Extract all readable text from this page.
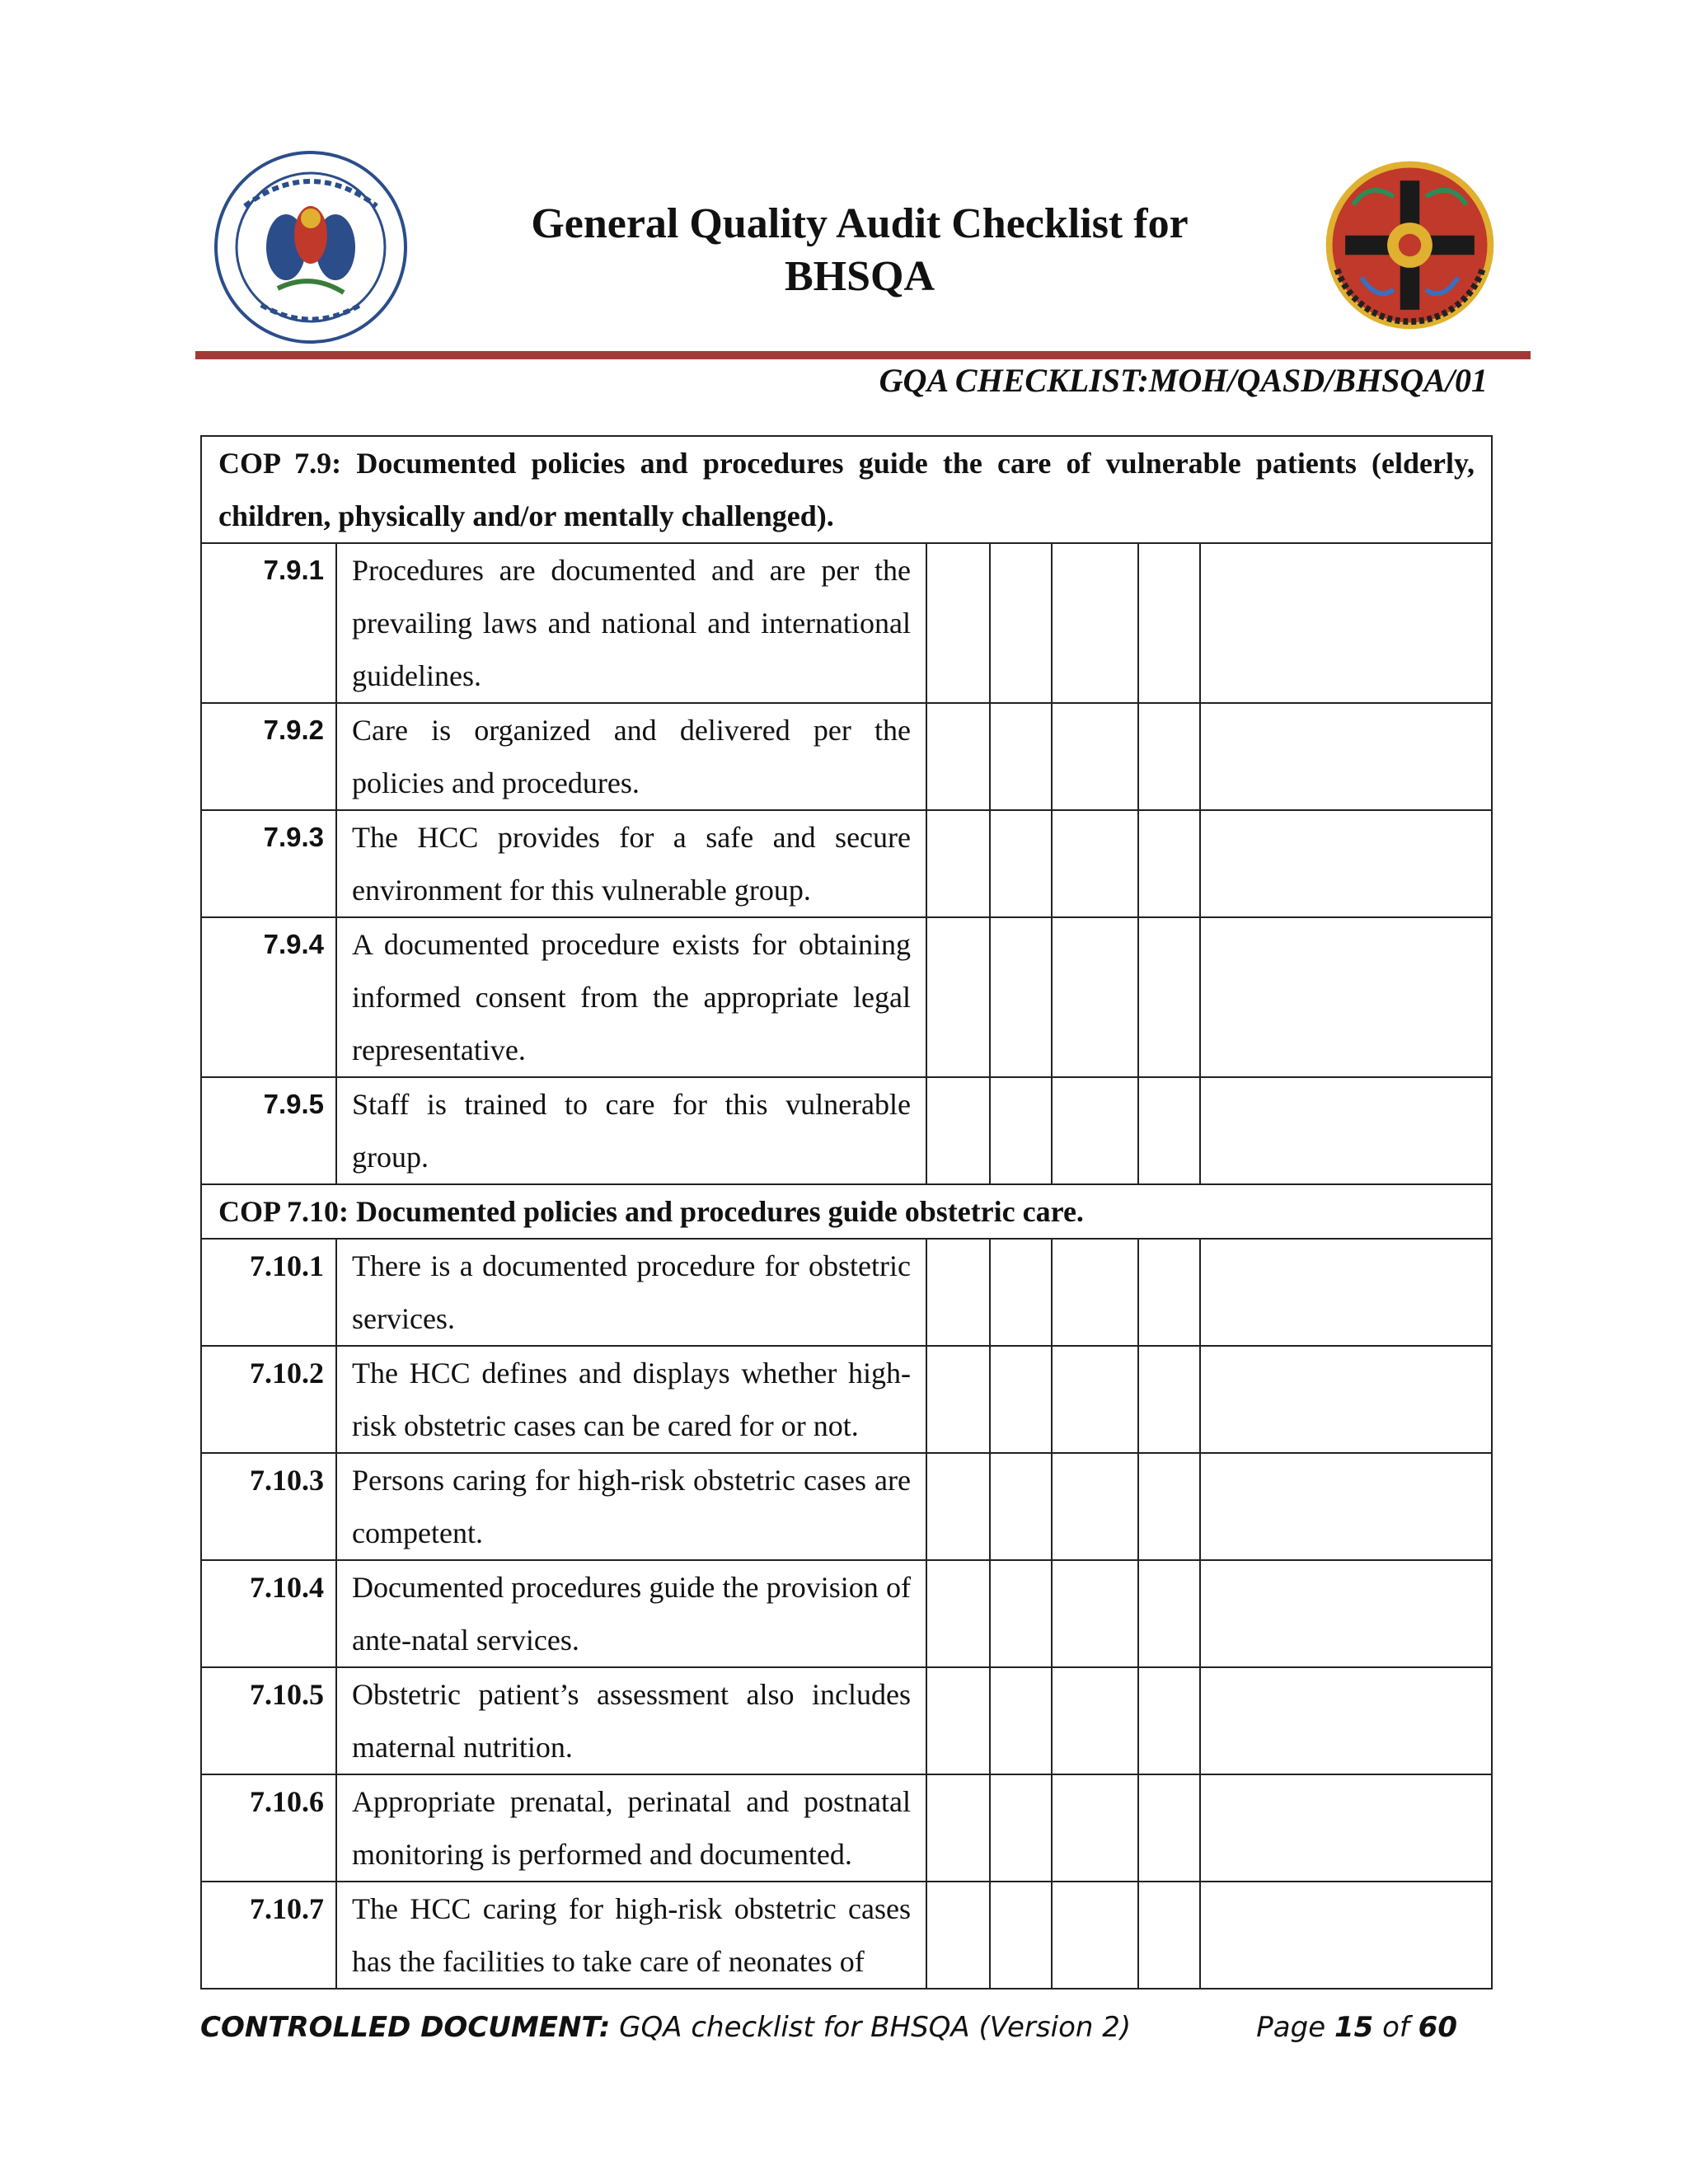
General Quality Audit Checklist for
BHSQA
GQA CHECKLIST:MOH/QASD/BHSQA/01
COP 7.9: Documented policies and procedures guide the care of vulnerable patients (elderly, children, physically and/or mentally challenged).						
7.9.1	Procedures are documented and are per the prevailing laws and national and international guidelines.					
7.9.2	Care is organized and delivered per the policies and procedures.					
7.9.3	The HCC provides for a safe and secure environment for this vulnerable group.					
7.9.4	A documented procedure exists for obtaining informed consent from the appropriate legal representative.					
7.9.5	Staff is trained to care for this vulnerable group.					
COP 7.10: Documented policies and procedures guide obstetric care.						
7.10.1	There is a documented procedure for obstetric services.					
7.10.2	The HCC defines and displays whether high-risk obstetric cases can be cared for or not.					
7.10.3	Persons caring for high-risk obstetric cases are competent.					
7.10.4	Documented procedures guide the provision of ante-natal services.					
7.10.5	Obstetric patient’s assessment also includes maternal nutrition.					
7.10.6	Appropriate prenatal, perinatal and postnatal monitoring is performed and documented.					
7.10.7	The HCC caring for high-risk obstetric cases has the facilities to take care of neonates of					
CONTROLLED DOCUMENT: GQA checklist for BHSQA (Version 2)	Page 15 of 60
